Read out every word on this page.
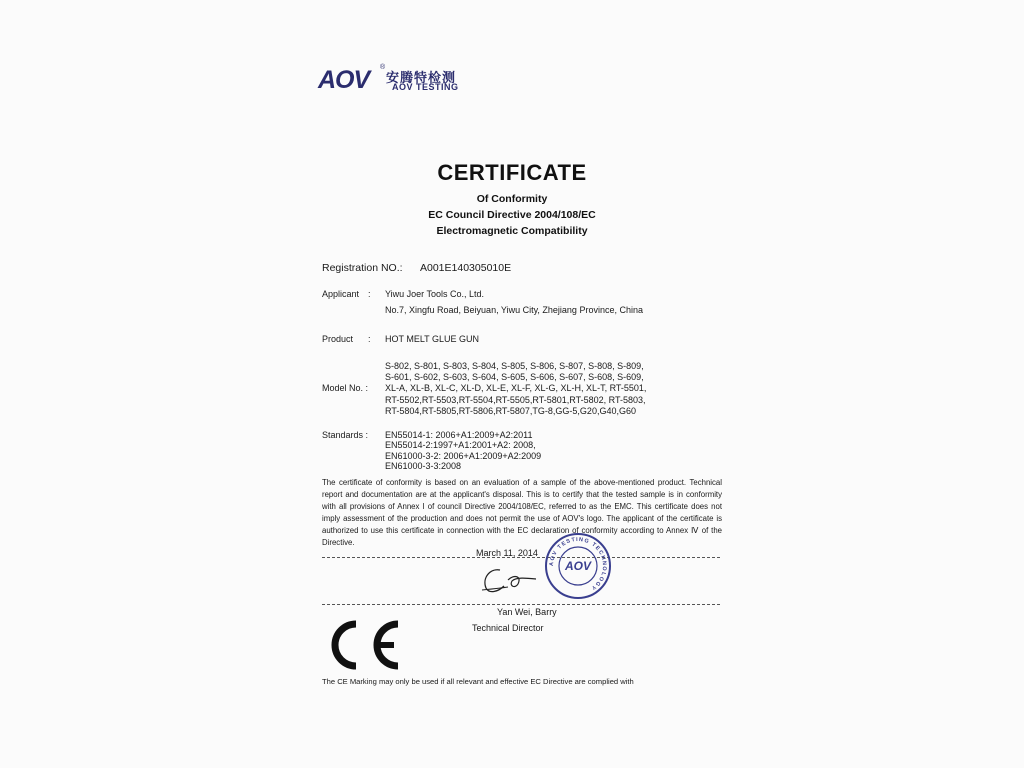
AOV ®
安腾特检测
AOV TESTING
CERTIFICATE
Of Conformity
EC Council Directive 2004/108/EC
Electromagnetic Compatibility
Registration NO.: A001E140305010E
Applicant : Yiwu Joer Tools Co., Ltd.
No.7, Xingfu Road, Beiyuan, Yiwu City, Zhejiang Province, China
Product : HOT MELT GLUE GUN
Model No. :
S-802, S-801, S-803, S-804, S-805, S-806, S-807, S-808, S-809,
S-601, S-602, S-603, S-604, S-605, S-606, S-607, S-608, S-609,
XL-A, XL-B, XL-C, XL-D, XL-E, XL-F, XL-G, XL-H, XL-T, RT-5501,
RT-5502,RT-5503,RT-5504,RT-5505,RT-5801,RT-5802, RT-5803,
RT-5804,RT-5805,RT-5806,RT-5807,TG-8,GG-5,G20,G40,G60
Standards : EN55014-1: 2006+A1:2009+A2:2011
EN55014-2:1997+A1:2001+A2: 2008,
EN61000-3-2: 2006+A1:2009+A2:2009
EN61000-3-3:2008
The certificate of conformity is based on an evaluation of a sample of the above-mentioned product. Technical report and documentation are at the applicant's disposal. This is to certify that the tested sample is in conformity with all provisions of Annex I of council Directive 2004/108/EC, referred to as the EMC. This certificate does not imply assessment of the production and does not permit the use of AOV's logo. The applicant of the certificate is authorized to use this certificate in connection with the EC declaration of conformity according to Annex Ⅳ of the Directive.
March 11, 2014
AOV TESTING TECHNOLOGY
AOV
Yan Wei, Barry
Technical Director
The CE Marking may only be used if all relevant and effective EC Directive are complied with
